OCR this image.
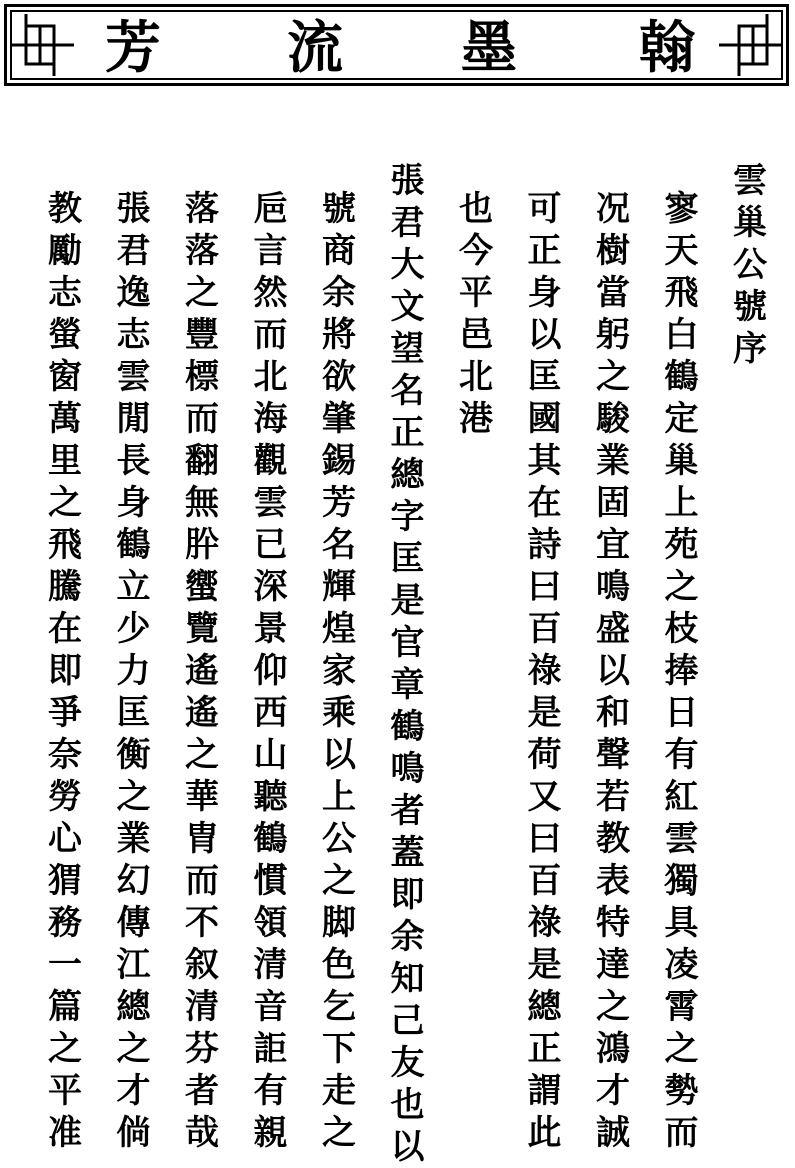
芳 流 墨 翰
雲
巢
公
號
序
寥
天
飛
白
鶴
定
巢
上
苑
之
枝
捧
日
有
紅
雲
獨
具
凌
霄
之
勢
而
况
樹
當
躬
之
駿
業
固
宜
鳴
盛
以
和
聲
若
教
表
特
達
之
鴻
才
誠
可
正
身
以
匡
國
其
在
詩
曰
百
祿
是
荷
又
曰
百
祿
是
總
正
謂
此
也
今
平
邑
北
港
張
君
大
文
望
名
正
總
字
匡
是
官
章
鶴
鳴
者
蓋
即
余
知
己
友
也
以
號
商
余
將
欲
肇
錫
芳
名
輝
煌
家
乘
以
上
公
之
脚
色
乞
下
走
之
巵
言
然
而
北
海
觀
雲
已
深
景
仰
西
山
聽
鶴
慣
領
清
音
詎
有
親
落
落
之
豐
標
而
翻
無
肸
蠁
覽
遙
遙
之
華
胄
而
不
叙
清
芬
者
哉
張
君
逸
志
雲
閒
長
身
鶴
立
少
力
匡
衡
之
業
幻
傳
江
總
之
才
倘
教
勵
志
螢
窗
萬
里
之
飛
騰
在
即
爭
奈
勞
心
猬
務
一
篇
之
平
准
